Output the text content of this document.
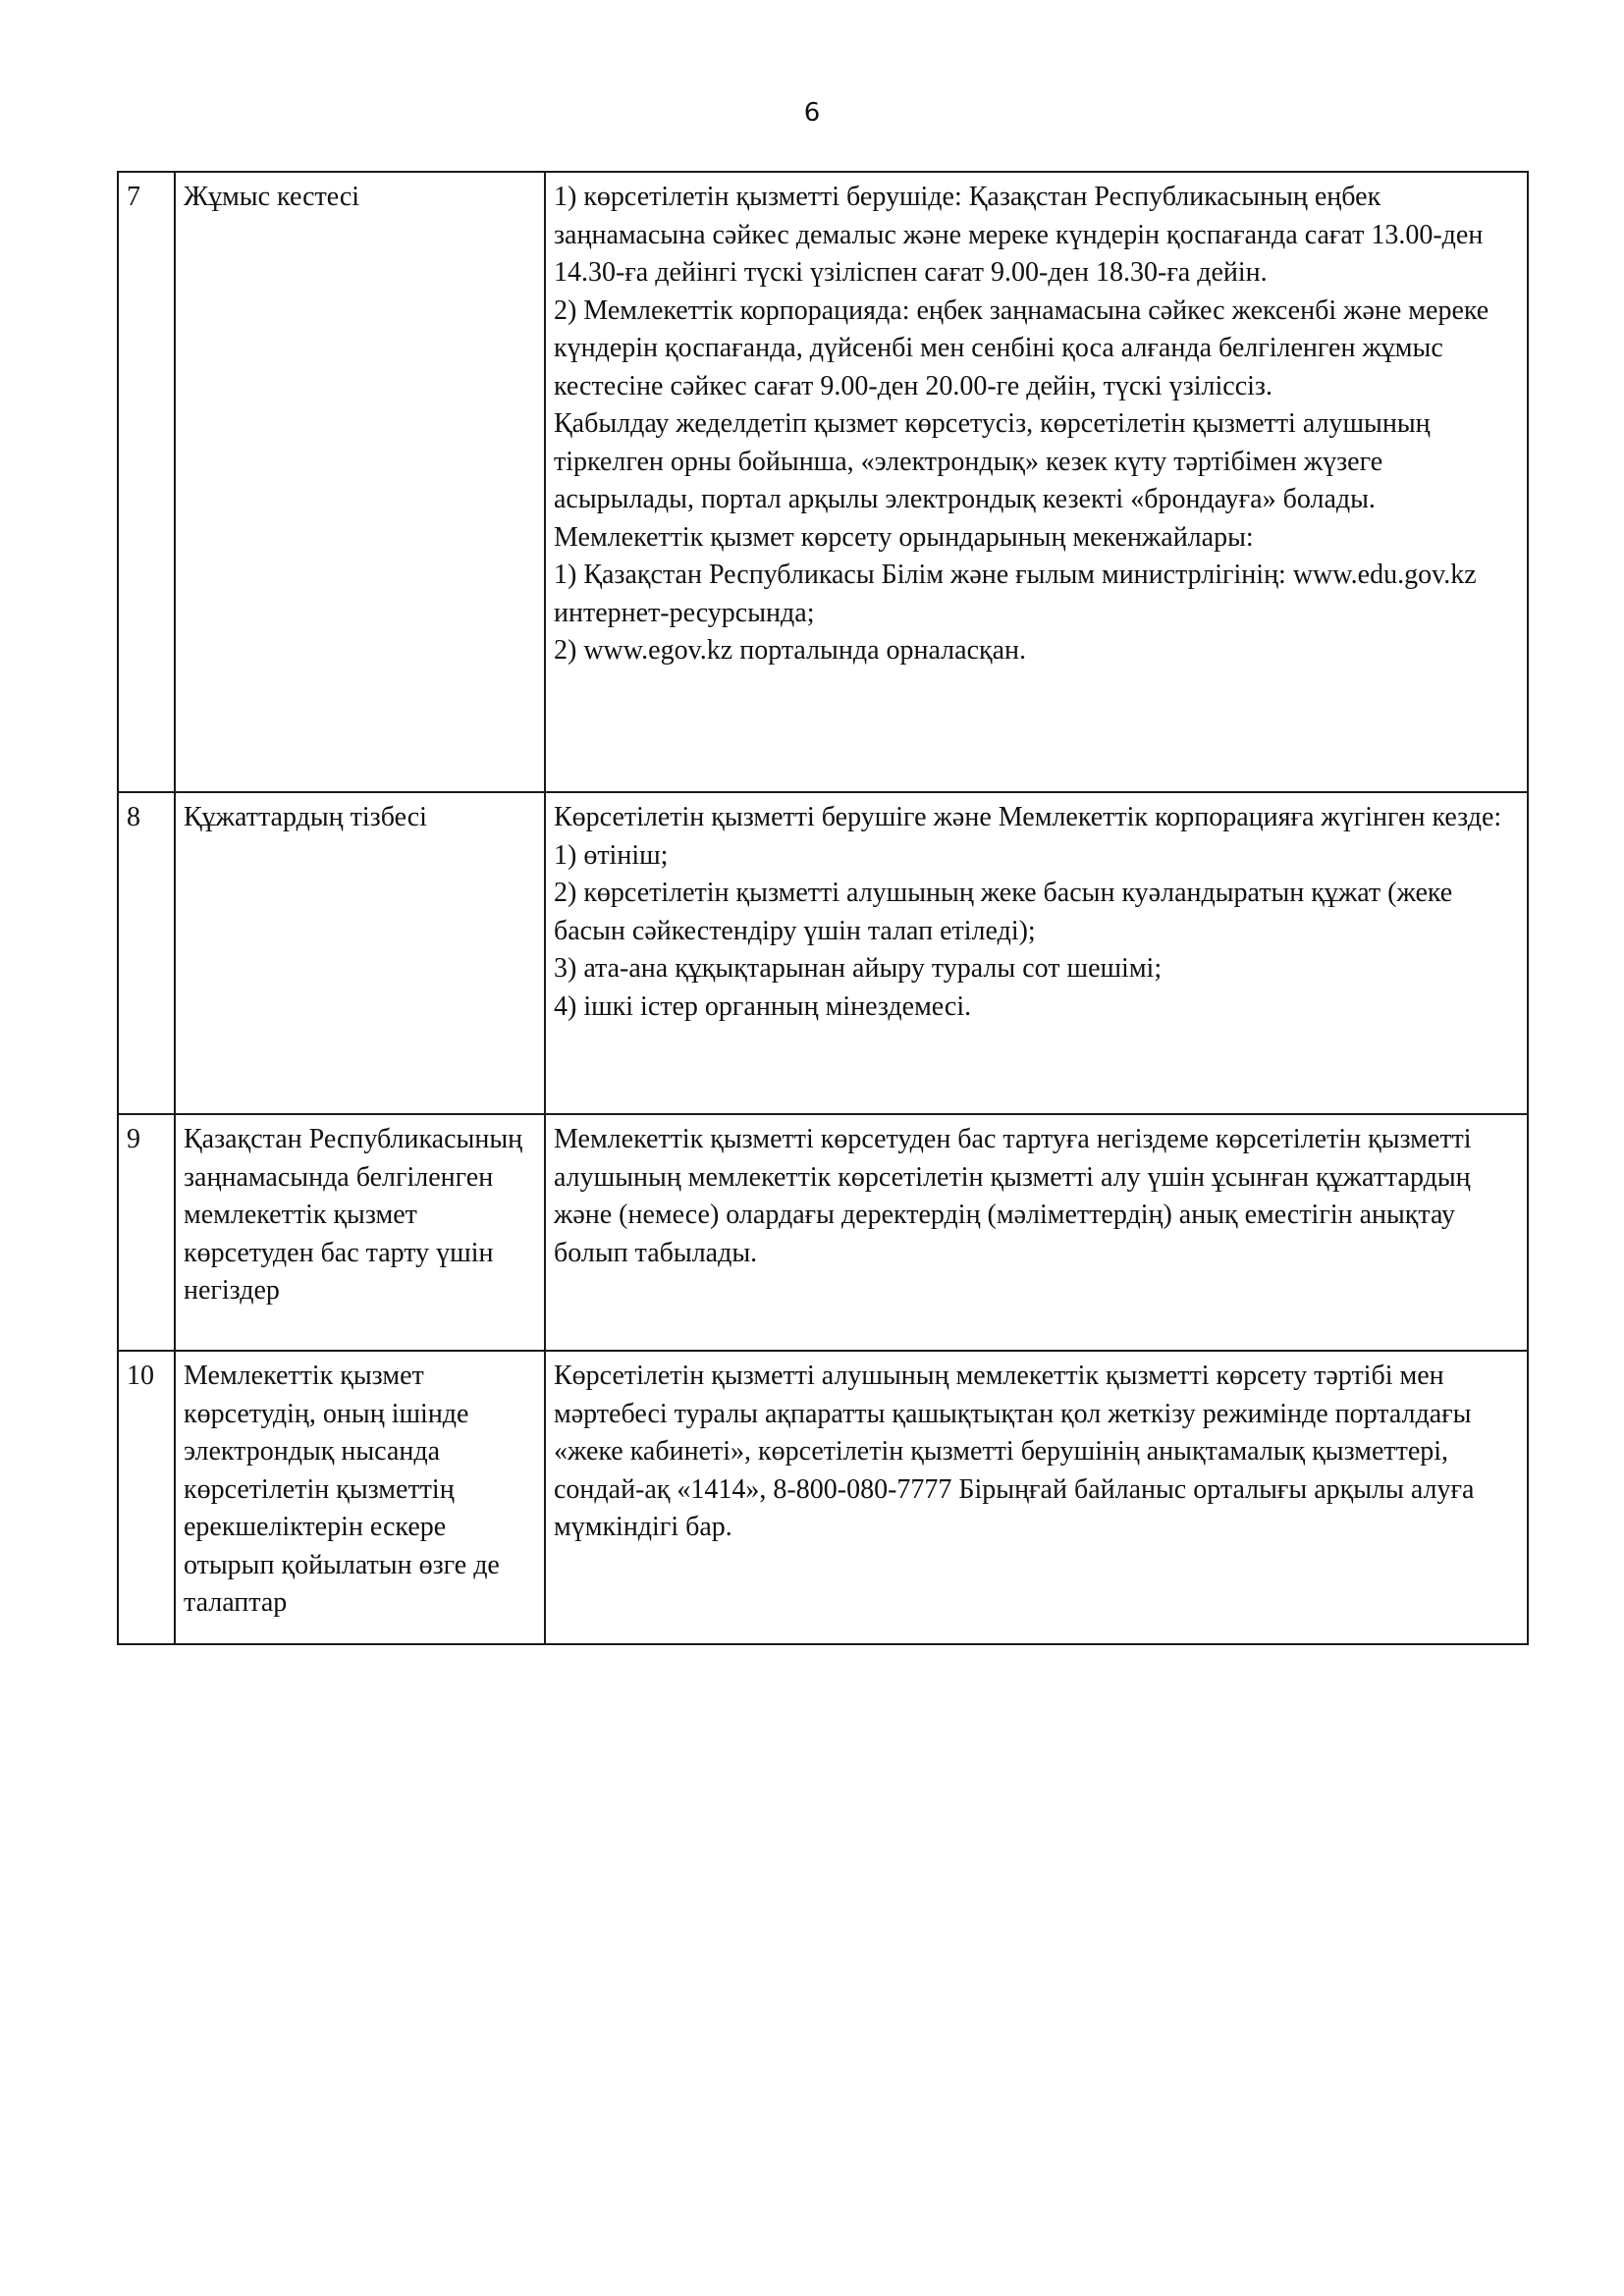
6
7	Жұмыс кестесі	1) көрсетілетін қызметті берушіде: Қазақстан Республикасының еңбек заңнамасына сәйкес демалыс және мереке күндерін қоспағанда сағат 13.00-ден 14.30-ға дейінгі түскі үзіліспен сағат 9.00-ден 18.30-ға дейін.
2) Мемлекеттік корпорацияда: еңбек заңнамасына сәйкес жексенбі және мереке күндерін қоспағанда, дүйсенбі мен сенбіні қоса алғанда белгіленген жұмыс кестесіне сәйкес сағат 9.00-ден 20.00-ге дейін, түскі үзіліссіз.
Қабылдау жеделдетіп қызмет көрсетусіз, көрсетілетін қызметті алушының тіркелген орны бойынша, «электрондық» кезек күту тәртібімен жүзеге асырылады, портал арқылы электрондық кезекті «брондауға» болады.
Мемлекеттік қызмет көрсету орындарының мекенжайлары:
1) Қазақстан Республикасы Білім және ғылым министрлігінің: www.edu.gov.kz интернет-ресурсында;
2) www.egov.kz порталында орналасқан.

8	Құжаттардың тізбесі	Көрсетілетін қызметті берушіге және Мемлекеттік корпорацияға жүгінген кезде:
1) өтініш;
2) көрсетілетін қызметті алушының жеке басын куәландыратын құжат (жеке басын сәйкестендіру үшін талап етіледі);
3) ата-ана құқықтарынан айыру туралы сот шешімі;
4) ішкі істер органның мінездемесі.

9	Қазақстан Республикасының заңнамасында белгіленген мемлекеттік қызмет көрсетуден бас тарту үшін негіздер	Мемлекеттік қызметті көрсетуден бас тартуға негіздеме көрсетілетін қызметті алушының мемлекеттік көрсетілетін қызметті алу үшін ұсынған құжаттардың және (немесе) олардағы деректердің (мәліметтердің) анық еместігін анықтау болып табылады.

10	Мемлекеттік қызмет көрсетудің, оның ішінде электрондық нысанда көрсетілетін қызметтің ерекшеліктерін ескере отырып қойылатын өзге де талаптар	Көрсетілетін қызметті алушының мемлекеттік қызметті көрсету тәртібі мен мәртебесі туралы ақпаратты қашықтықтан қол жеткізу режимінде порталдағы «жеке кабинеті», көрсетілетін қызметті берушінің анықтамалық қызметтері, сондай-ақ «1414», 8-800-080-7777 Бірыңғай байланыс орталығы арқылы алуға мүмкіндігі бар.
